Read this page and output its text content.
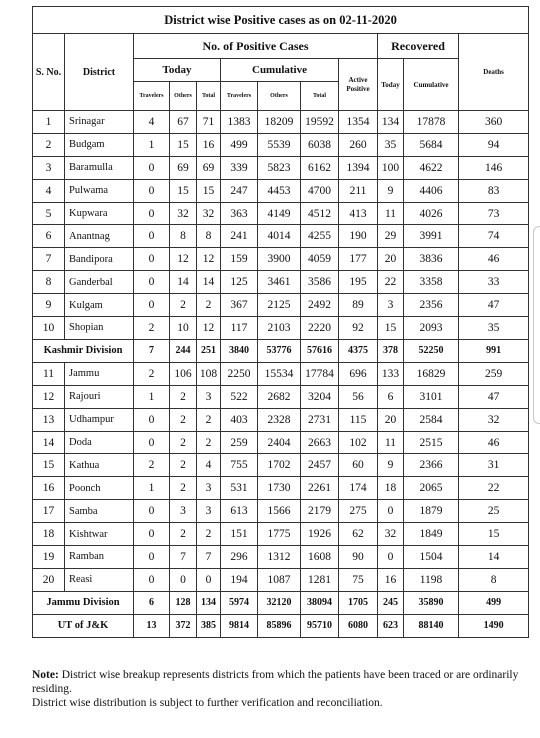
District wise Positive cases as on 02-11-2020											
S. No.	District	No. of Positive Cases							Recovered		Deaths
		Today			Cumulative			Active Positive	Today	Cumulative	
		Travelers	Others	Total	Travelers	Others	Total				
1	Srinagar	4	67	71	1383	18209	19592	1354	134	17878	360
2	Budgam	1	15	16	499	5539	6038	260	35	5684	94
3	Baramulla	0	69	69	339	5823	6162	1394	100	4622	146
4	Pulwama	0	15	15	247	4453	4700	211	9	4406	83
5	Kupwara	0	32	32	363	4149	4512	413	11	4026	73
6	Anantnag	0	8	8	241	4014	4255	190	29	3991	74
7	Bandipora	0	12	12	159	3900	4059	177	20	3836	46
8	Ganderbal	0	14	14	125	3461	3586	195	22	3358	33
9	Kulgam	0	2	2	367	2125	2492	89	3	2356	47
10	Shopian	2	10	12	117	2103	2220	92	15	2093	35
Kashmir Division		7	244	251	3840	53776	57616	4375	378	52250	991
11	Jammu	2	106	108	2250	15534	17784	696	133	16829	259
12	Rajouri	1	2	3	522	2682	3204	56	6	3101	47
13	Udhampur	0	2	2	403	2328	2731	115	20	2584	32
14	Doda	0	2	2	259	2404	2663	102	11	2515	46
15	Kathua	2	2	4	755	1702	2457	60	9	2366	31
16	Poonch	1	2	3	531	1730	2261	174	18	2065	22
17	Samba	0	3	3	613	1566	2179	275	0	1879	25
18	Kishtwar	0	2	2	151	1775	1926	62	32	1849	15
19	Ramban	0	7	7	296	1312	1608	90	0	1504	14
20	Reasi	0	0	0	194	1087	1281	75	16	1198	8
Jammu Division		6	128	134	5974	32120	38094	1705	245	35890	499
UT of J&K		13	372	385	9814	85896	95710	6080	623	88140	1490
Note: District wise breakup represents districts from which the patients have been traced or are ordinarily residing.
District wise distribution is subject to further verification and reconciliation.
